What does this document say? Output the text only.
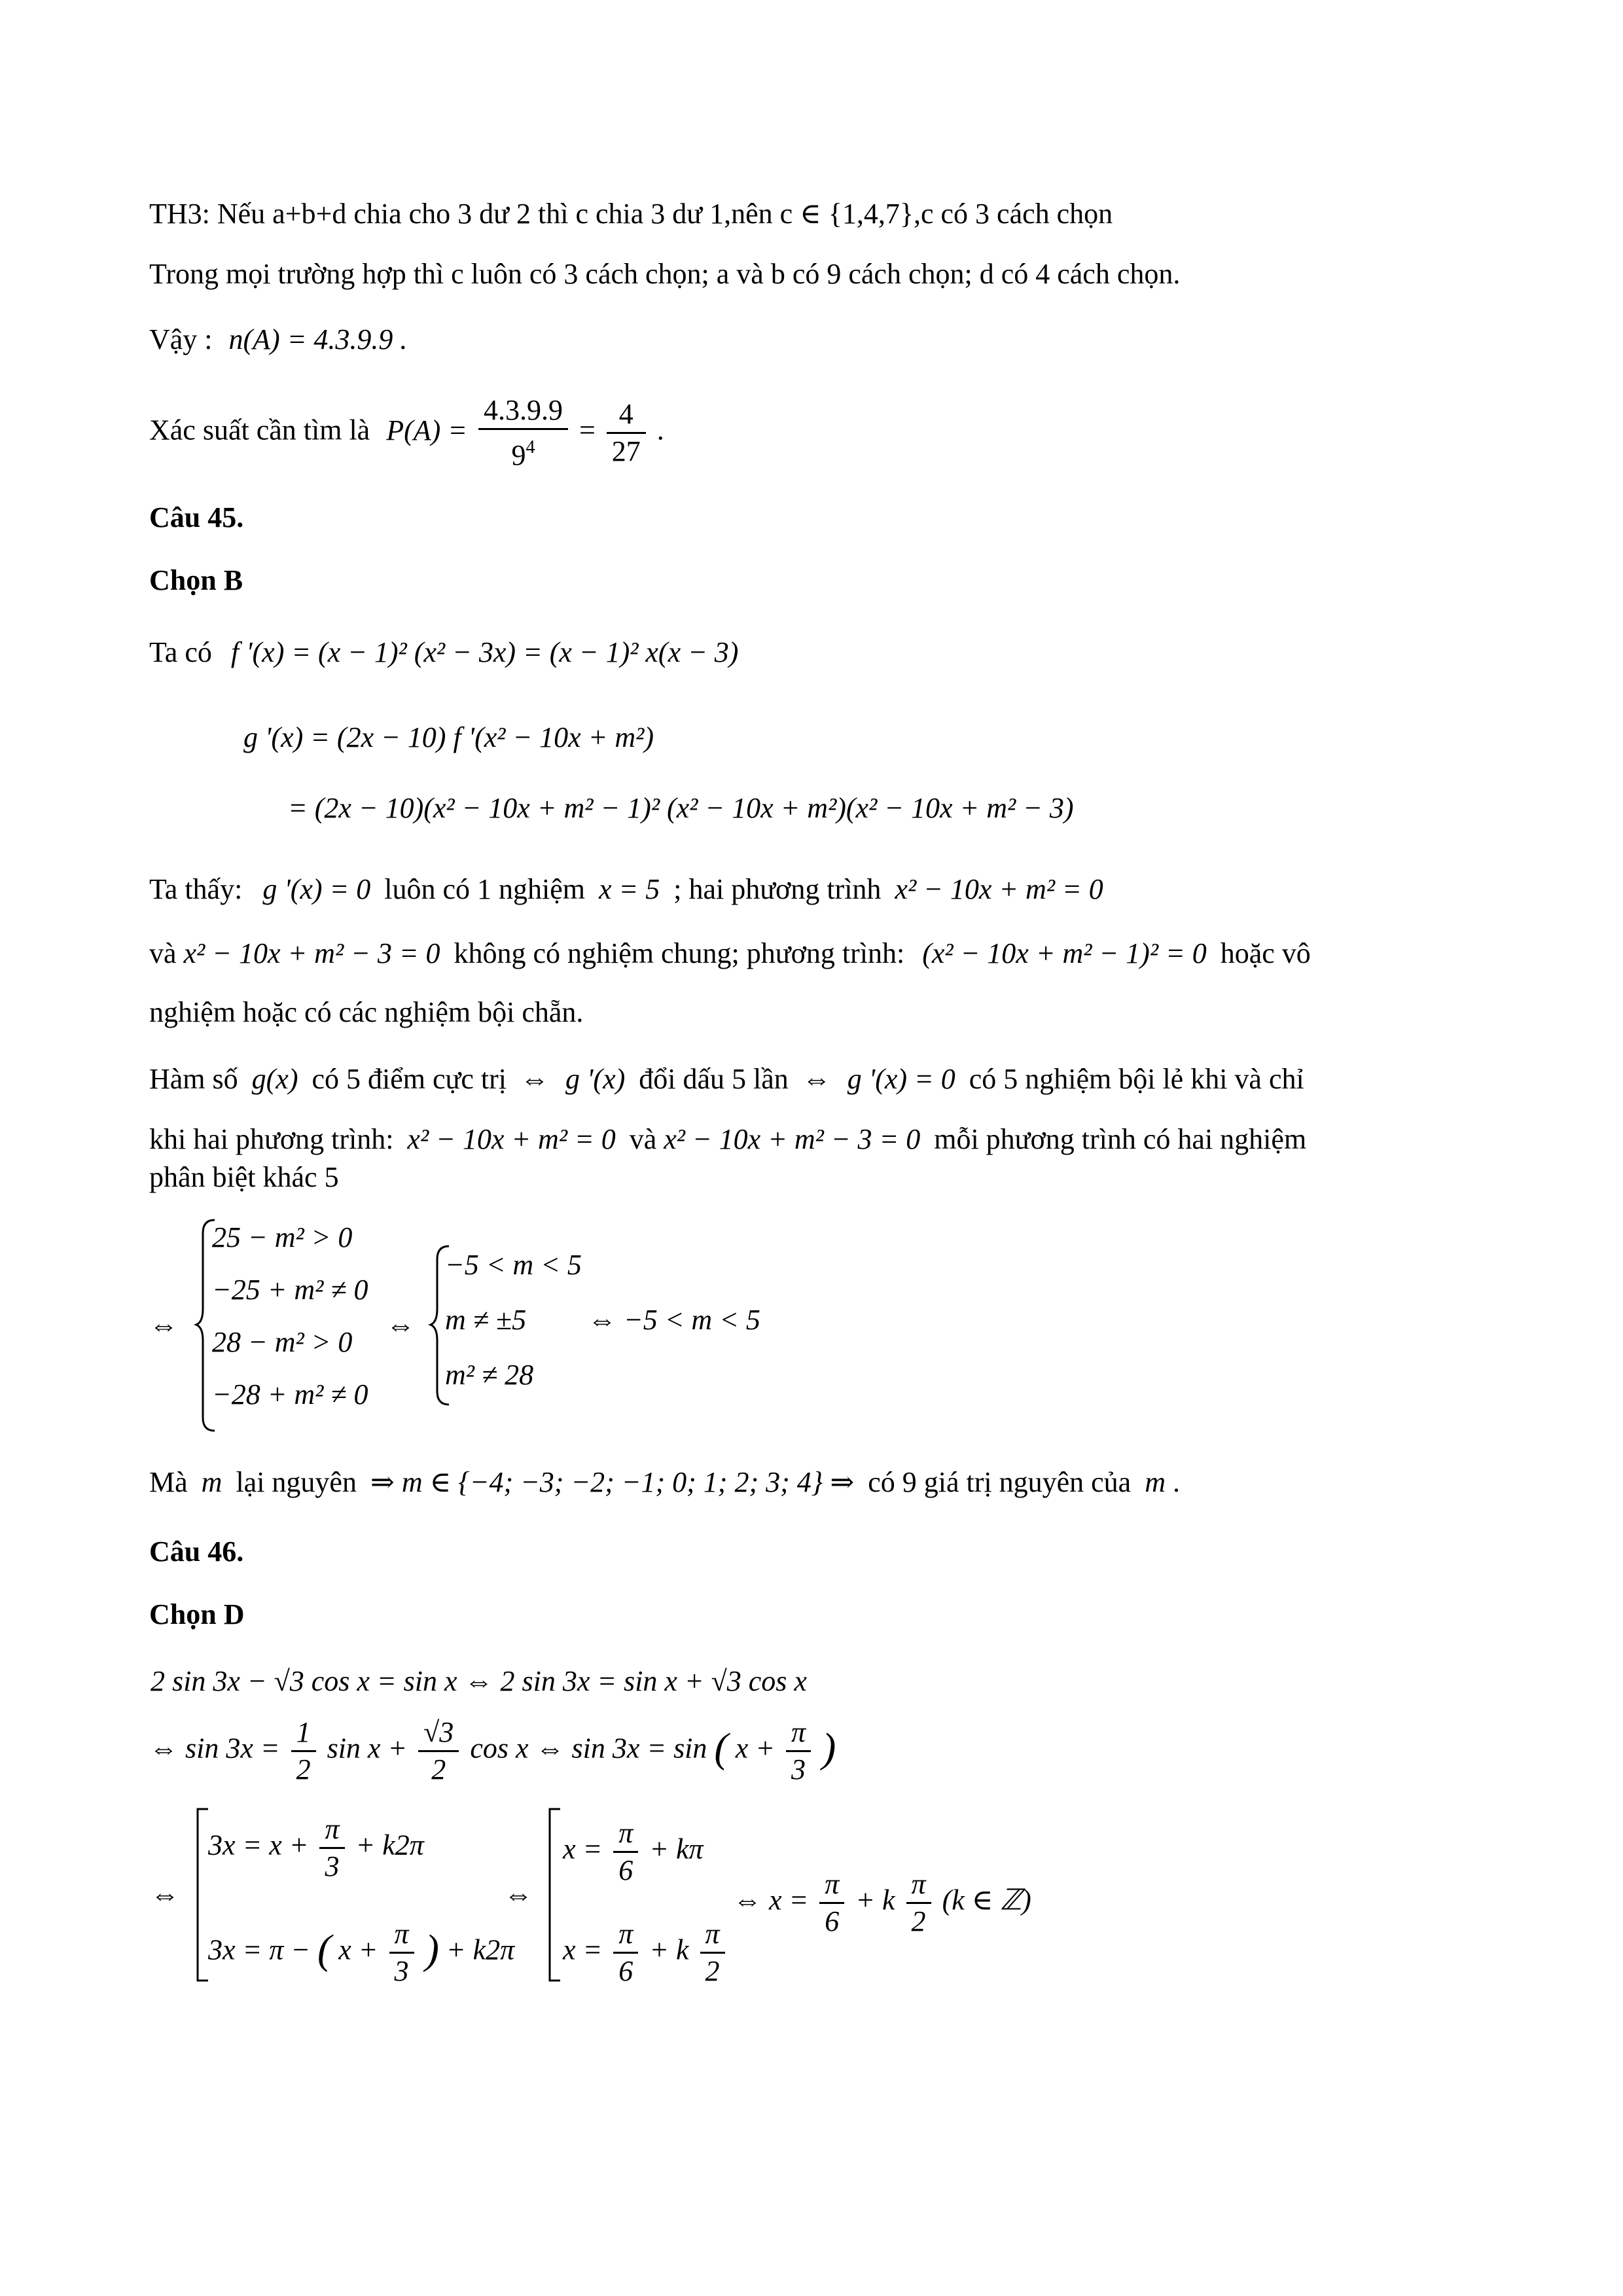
TH3: Nếu a+b+d chia cho 3 dư 2 thì c chia 3 dư 1,nên c ∈ {1,4,7},c có 3 cách chọn
Trong mọi trường hợp thì c luôn có 3 cách chọn; a và b có 9 cách chọn; d có 4 cách chọn.
Vậy : n(A) = 4.3.9.9 .
Xác suất cần tìm là $P(A) = \frac{4.3.9.9}{9^4} = \frac{4}{27}$ .
Câu 45.
Chọn B
Ta có f '(x) = (x − 1)² (x² − 3x) = (x − 1)² x(x − 3)
g '(x) = (2x − 10) f '(x² − 10x + m²)
= (2x − 10)(x² − 10x + m² − 1)² (x² − 10x + m²)(x² − 10x + m² − 3)
Ta thấy: g '(x) = 0 luôn có 1 nghiệm x = 5 ; hai phương trình x² − 10x + m² = 0
và x² − 10x + m² − 3 = 0 không có nghiệm chung; phương trình: (x² − 10x + m² − 1)² = 0 hoặc vô
nghiệm hoặc có các nghiệm bội chẵn.
Hàm số g(x) có 5 điểm cực trị ⇔ g '(x) đổi dấu 5 lần ⇔ g '(x) = 0 có 5 nghiệm bội lẻ khi và chỉ
khi hai phương trình: x² − 10x + m² = 0 và x² − 10x + m² − 3 = 0 mỗi phương trình có hai nghiệm
phân biệt khác 5
⇔
25 − m² > 0
−25 + m² ≠ 0
28 − m² > 0
−28 + m² ≠ 0
⇔
−5 < m < 5
m ≠ ±5
m² ≠ 28
⇔ −5 < m < 5
Mà m lại nguyên ⇒ m ∈ {−4; −3; −2; −1; 0; 1; 2; 3; 4} ⇒ có 9 giá trị nguyên của m .
Câu 46.
Chọn D
2 sin 3x − √3 cos x = sin x ⇔ 2 sin 3x = sin x + √3 cos x
⇔ $\sin 3x = \frac{1}{2}$ $\sin x + \frac{√3}{2}$ cos x ⇔ sin 3x = sin ( $x + \frac{\pi}{3}$ )
⇔
$3x = x + \frac{\pi}{3} + k2\pi$
3x = π − ( $x + \frac{\pi}{3}$ ) + k2π
⇔
$x = \frac{\pi}{6} + k\pi$
$x = \frac{\pi}{6} + k \frac{\pi}{2}$
⇔ $x = \frac{\pi}{6} + k \frac{\pi}{2} (k$ ∈ ℤ)
